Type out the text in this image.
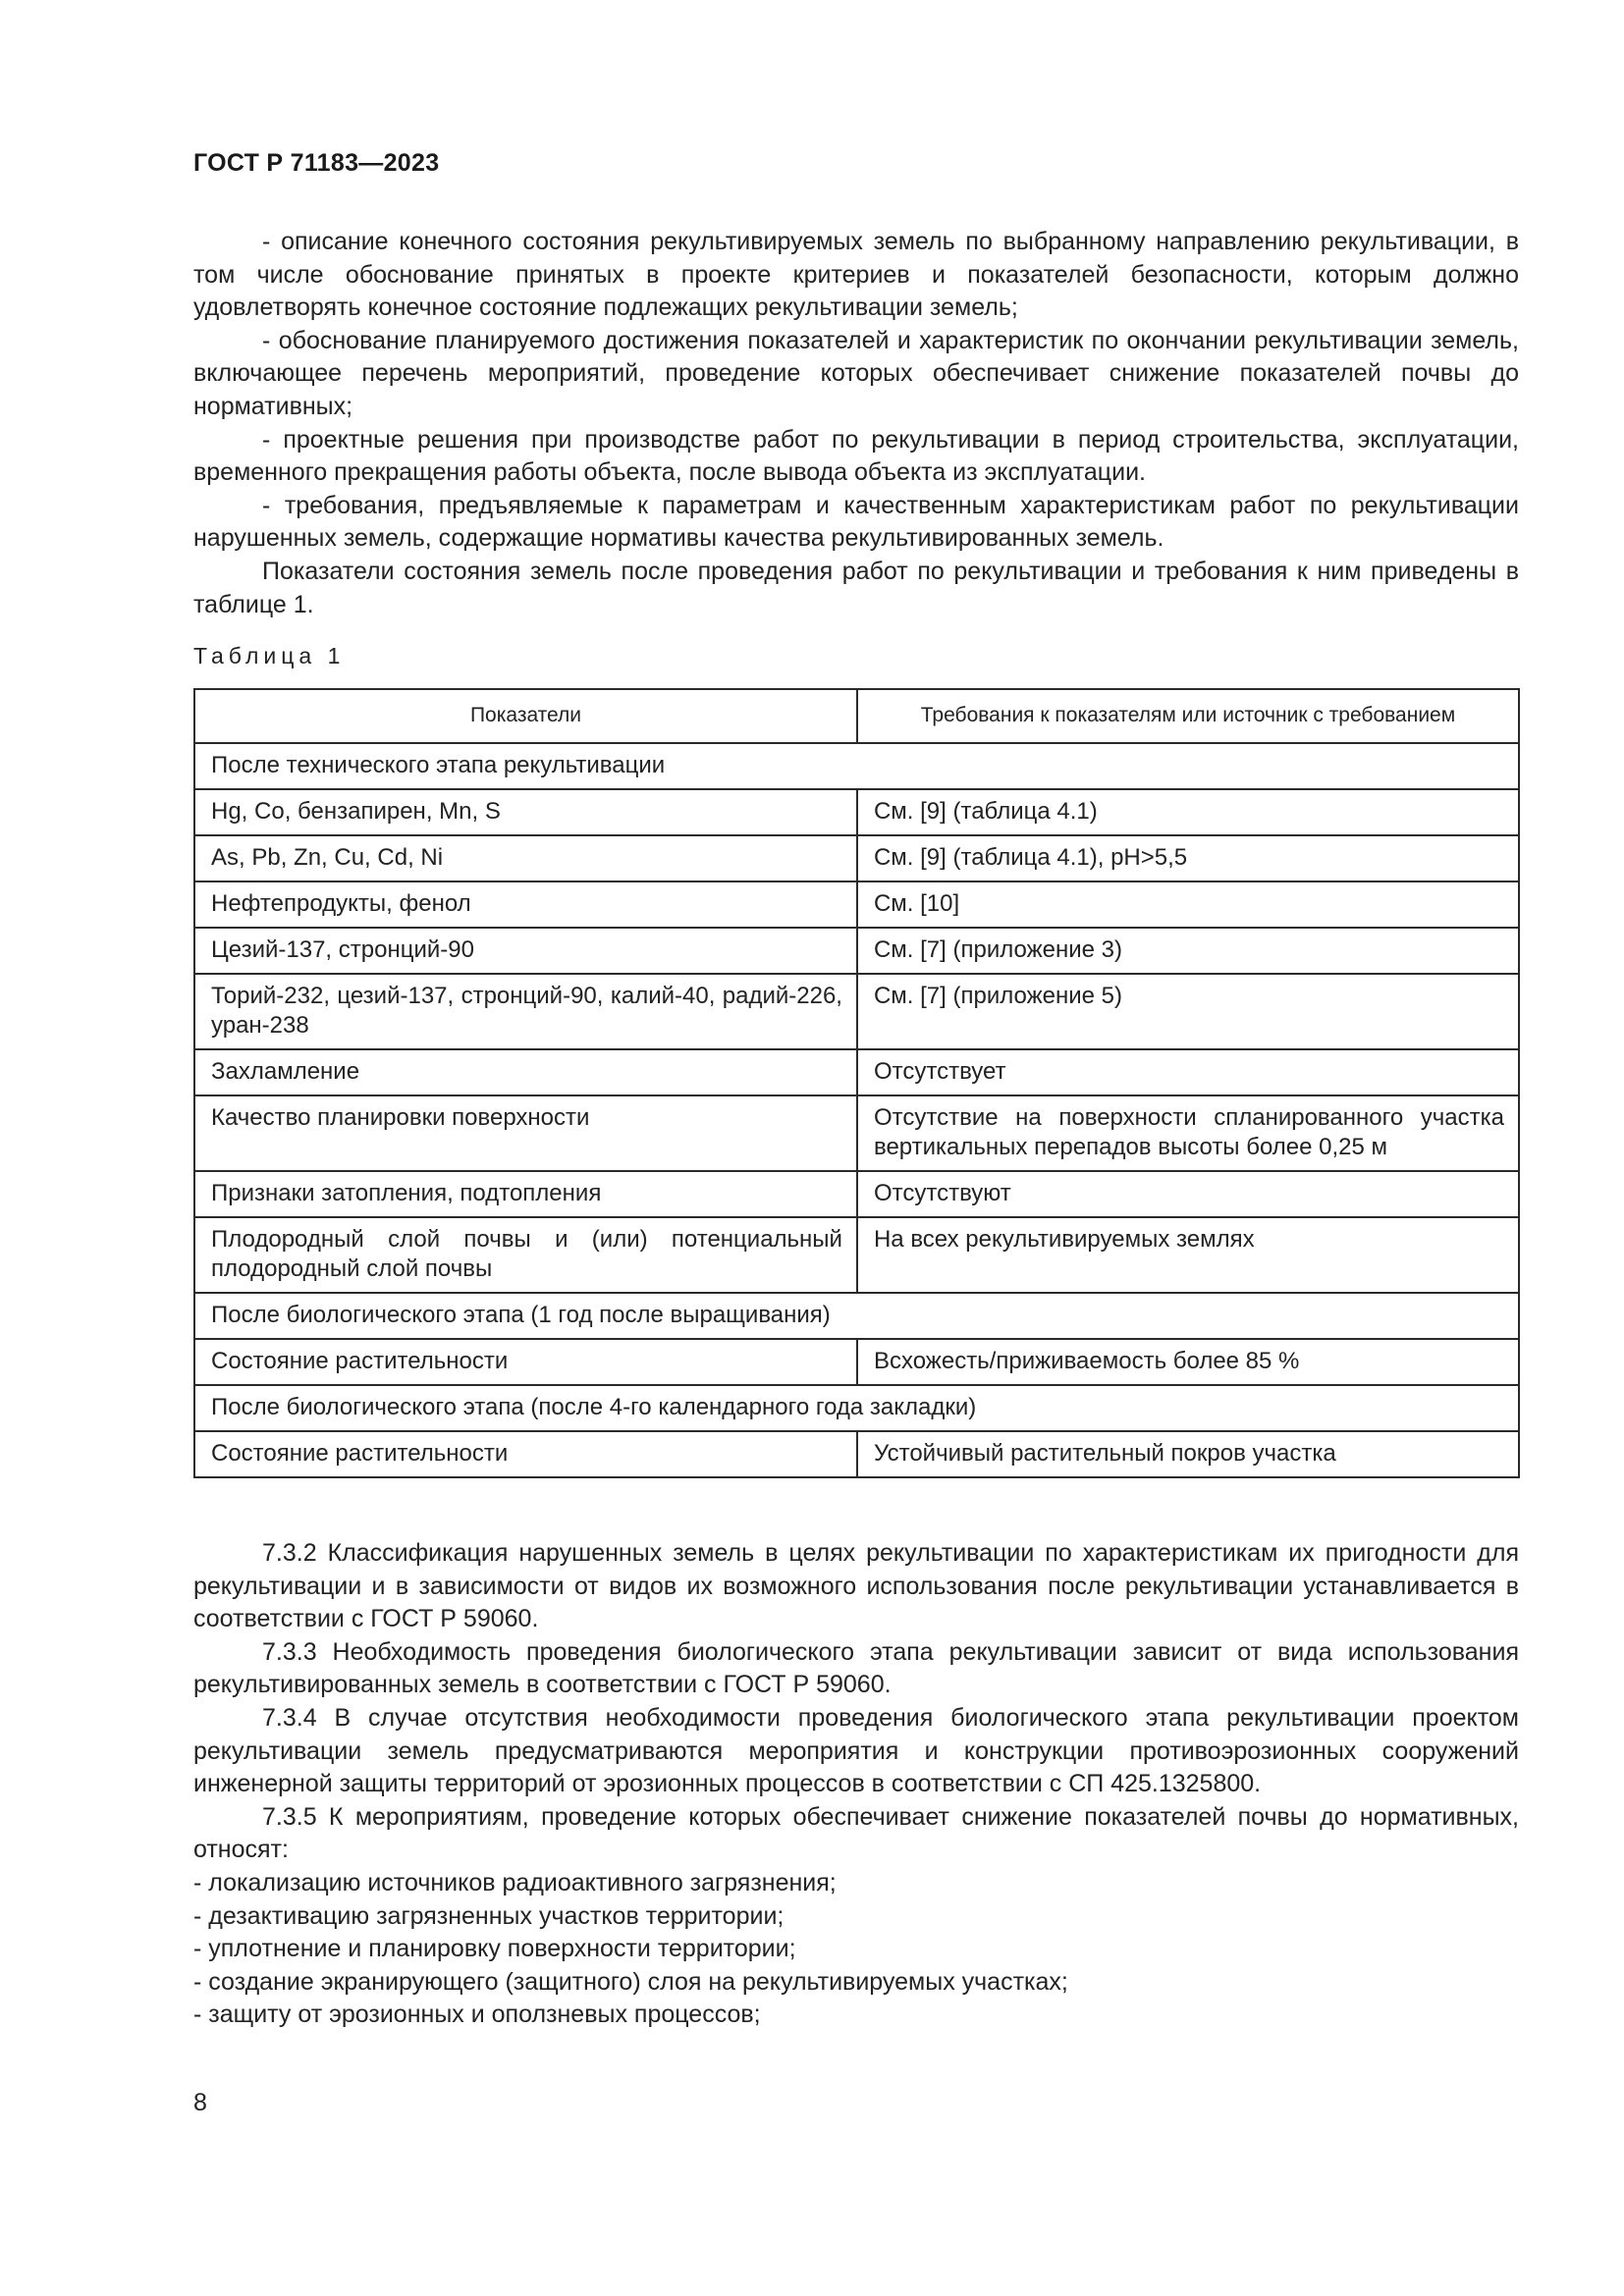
ГОСТ Р 71183—2023

- описание конечного состояния рекультивируемых земель по выбранному направлению рекультивации, в том числе обоснование принятых в проекте критериев и показателей безопасности, которым должно удовлетворять конечное состояние подлежащих рекультивации земель;

- обоснование планируемого достижения показателей и характеристик по окончании рекультивации земель, включающее перечень мероприятий, проведение которых обеспечивает снижение показателей почвы до нормативных;

- проектные решения при производстве работ по рекультивации в период строительства, эксплуатации, временного прекращения работы объекта, после вывода объекта из эксплуатации.

- требования, предъявляемые к параметрам и качественным характеристикам работ по рекультивации нарушенных земель, содержащие нормативы качества рекультивированных земель.

Показатели состояния земель после проведения работ по рекультивации и требования к ним приведены в таблице 1.

Таблица 1
Показатели	Требования к показателям или источник с требованием
После технического этапа рекультивации	
Hg, Co, бензапирен, Mn, S	См. [9] (таблица 4.1)
As, Pb, Zn, Cu, Cd, Ni	См. [9] (таблица 4.1), pH>5,5
Нефтепродукты, фенол	См. [10]
Цезий-137, стронций-90	См. [7] (приложение 3)
Торий-232, цезий-137, стронций-90, калий-40, радий-226, уран-238	См. [7] (приложение 5)
Захламление	Отсутствует
Качество планировки поверхности	Отсутствие на поверхности спланированного участка вертикальных перепадов высоты более 0,25 м
Признаки затопления, подтопления	Отсутствуют
Плодородный слой почвы и (или) потенциальный плодородный слой почвы	На всех рекультивируемых землях
После биологического этапа (1 год после выращивания)	
Состояние растительности	Всхожесть/приживаемость более 85 %
После биологического этапа (после 4-го календарного года закладки)	
Состояние растительности	Устойчивый растительный покров участка

7.3.2 Классификация нарушенных земель в целях рекультивации по характеристикам их пригодности для рекультивации и в зависимости от видов их возможного использования после рекультивации устанавливается в соответствии с ГОСТ Р 59060.

7.3.3 Необходимость проведения биологического этапа рекультивации зависит от вида использования рекультивированных земель в соответствии с ГОСТ Р 59060.

7.3.4 В случае отсутствия необходимости проведения биологического этапа рекультивации проектом рекультивации земель предусматриваются мероприятия и конструкции противоэрозионных сооружений инженерной защиты территорий от эрозионных процессов в соответствии с СП 425.1325800.

7.3.5 К мероприятиям, проведение которых обеспечивает снижение показателей почвы до нормативных, относят:

- локализацию источников радиоактивного загрязнения;
- дезактивацию загрязненных участков территории;
- уплотнение и планировку поверхности территории;
- создание экранирующего (защитного) слоя на рекультивируемых участках;
- защиту от эрозионных и оползневых процессов;
8
